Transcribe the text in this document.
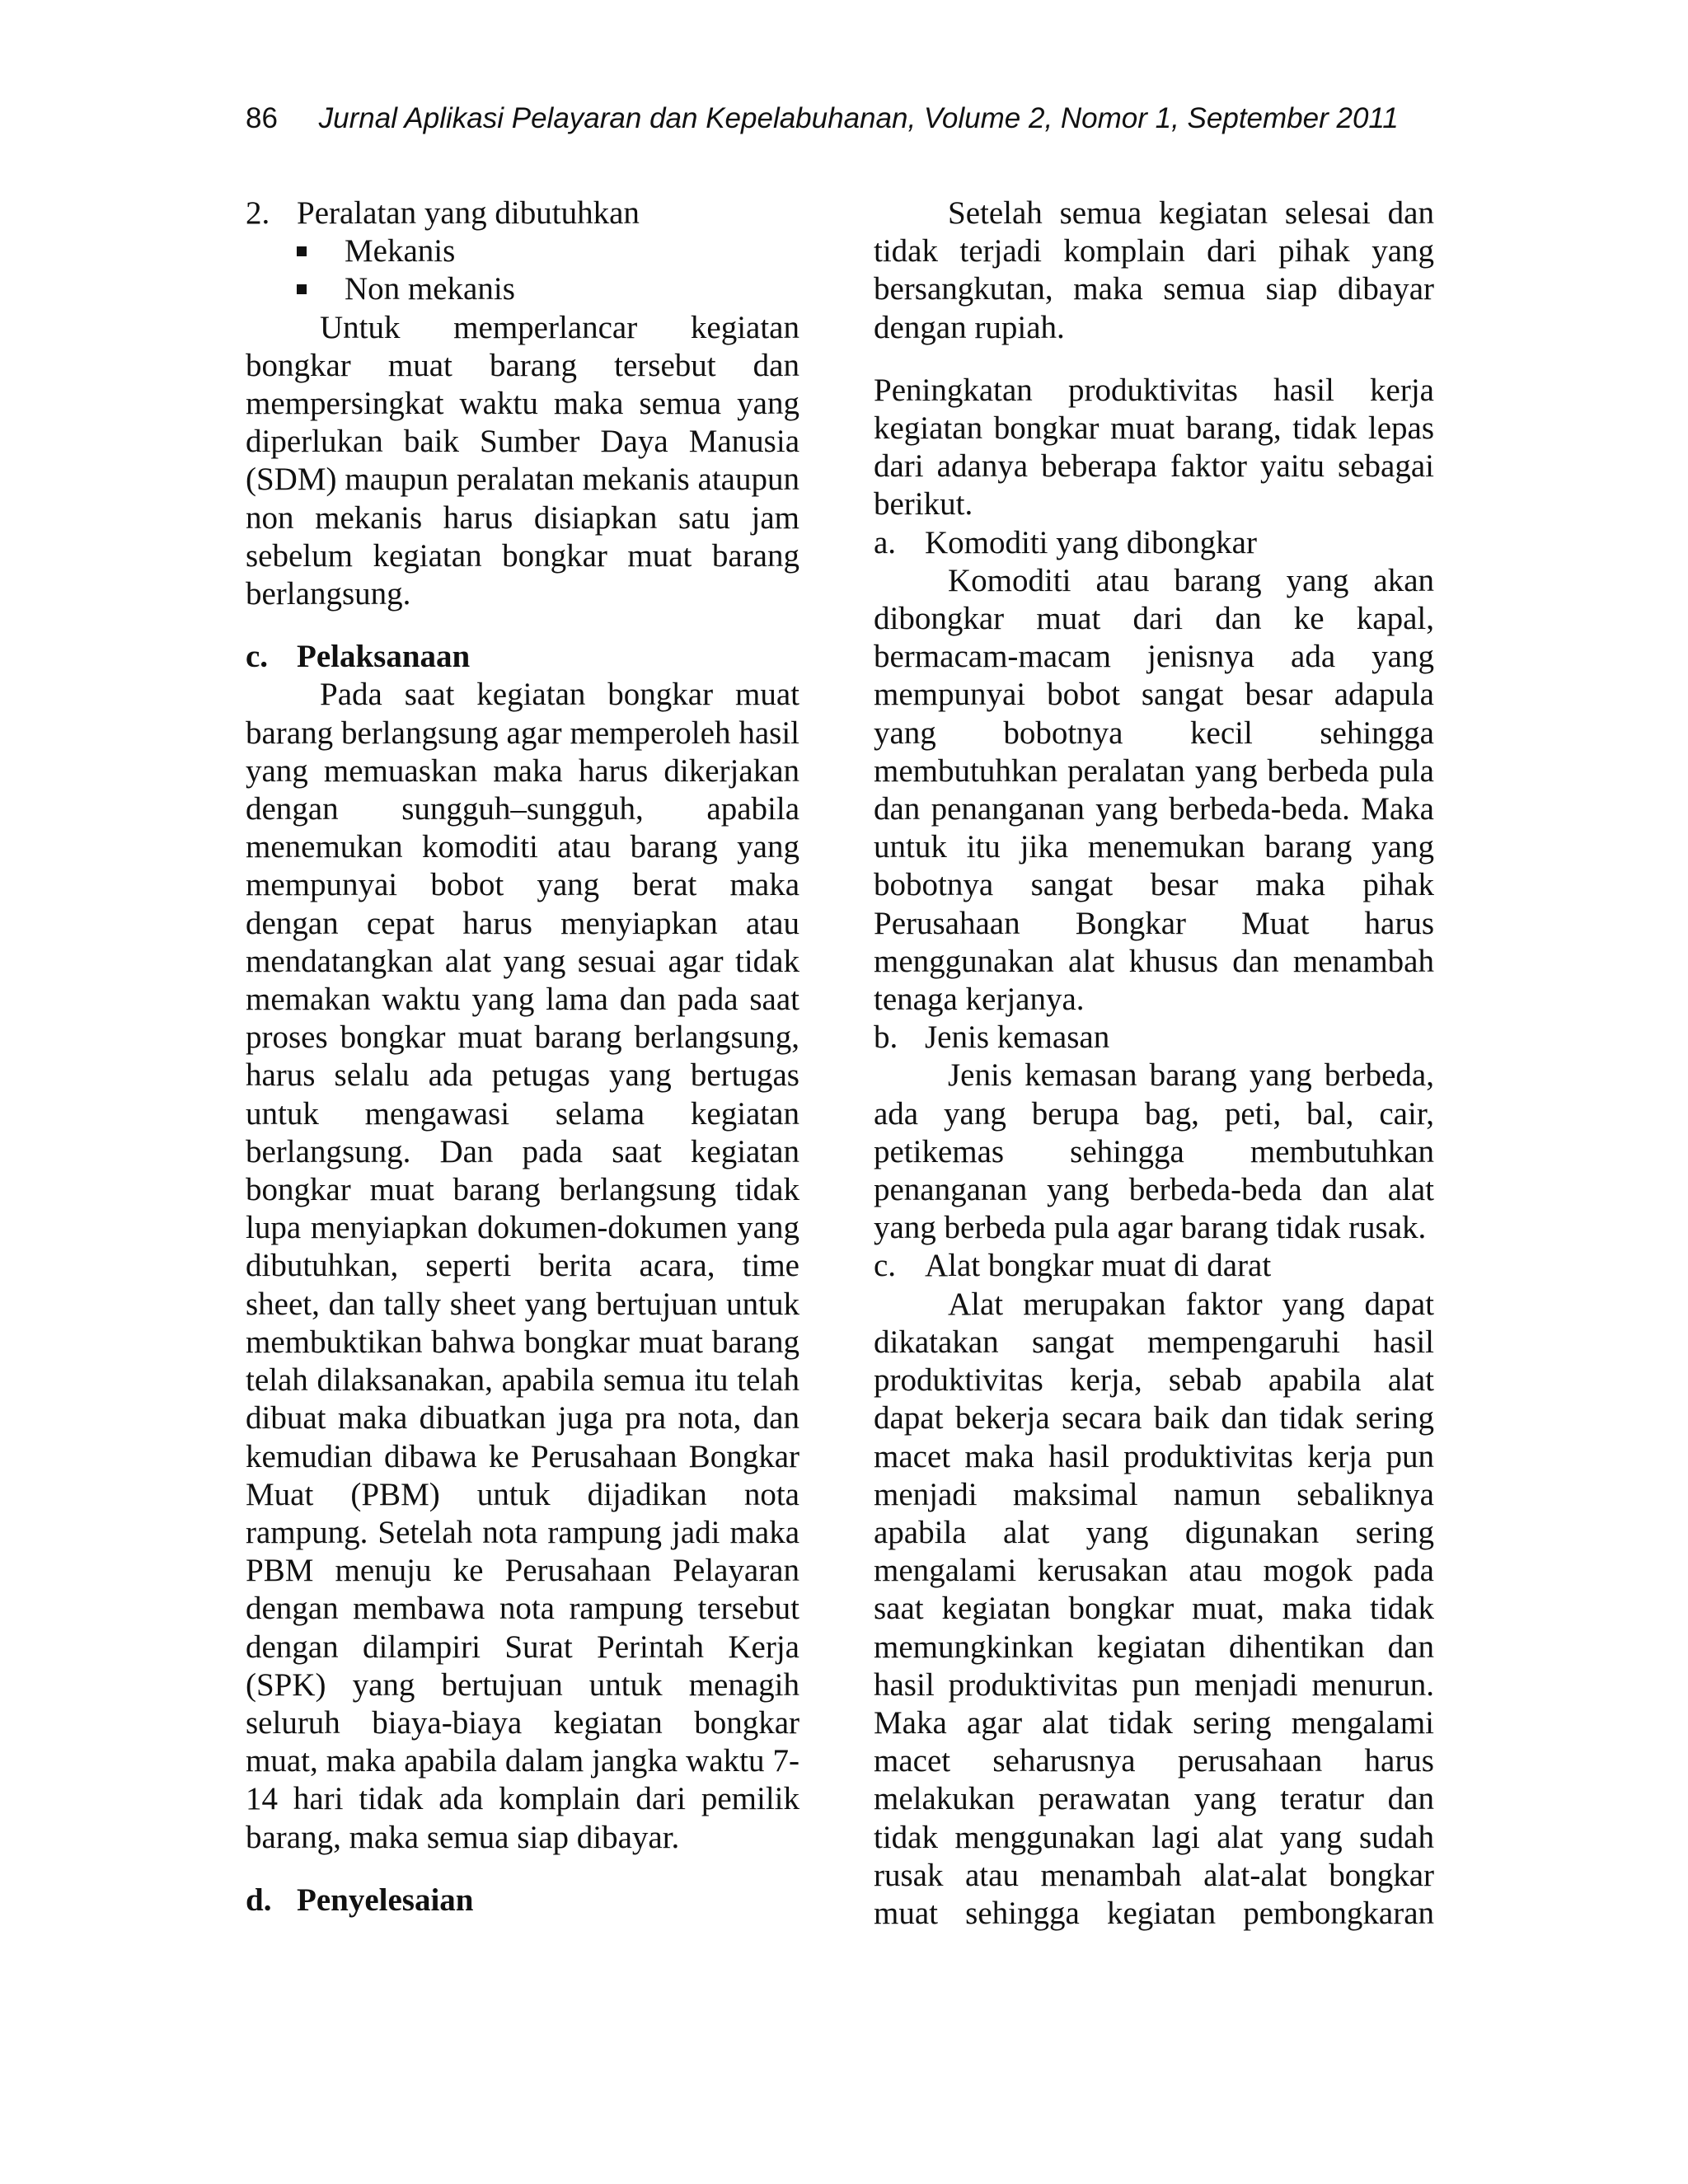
86 Jurnal Aplikasi Pelayaran dan Kepelabuhanan, Volume 2, Nomor 1, September 2011
2. Peralatan yang dibutuhkan
Mekanis
Non mekanis

Untuk memperlancar kegiatan bongkar muat barang tersebut dan mempersingkat waktu maka semua yang diperlukan baik Sumber Daya Manusia (SDM) maupun peralatan mekanis ataupun non mekanis harus disiapkan satu jam sebelum kegiatan bongkar muat barang berlangsung.

c. Pelaksanaan

Pada saat kegiatan bongkar muat barang berlangsung agar memperoleh hasil yang memuaskan maka harus dikerjakan dengan sungguh–sungguh, apabila menemukan komoditi atau barang yang mempunyai bobot yang berat maka dengan cepat harus menyiapkan atau mendatangkan alat yang sesuai agar tidak memakan waktu yang lama dan pada saat proses bongkar muat barang berlangsung, harus selalu ada petugas yang bertugas untuk mengawasi selama kegiatan berlangsung. Dan pada saat kegiatan bongkar muat barang berlangsung tidak lupa menyiapkan dokumen-dokumen yang dibutuhkan, seperti berita acara, time sheet, dan tally sheet yang bertujuan untuk membuktikan bahwa bongkar muat barang telah dilaksanakan, apabila semua itu telah dibuat maka dibuatkan juga pra nota, dan kemudian dibawa ke Perusahaan Bongkar Muat (PBM) untuk dijadikan nota rampung. Setelah nota rampung jadi maka PBM menuju ke Perusahaan Pelayaran dengan membawa nota rampung tersebut dengan dilampiri Surat Perintah Kerja (SPK) yang bertujuan untuk menagih seluruh biaya-biaya kegiatan bongkar muat, maka apabila dalam jangka waktu 7-14 hari tidak ada komplain dari pemilik barang, maka semua siap dibayar.

d. Penyelesaian

Setelah semua kegiatan selesai dan tidak terjadi komplain dari pihak yang bersangkutan, maka semua siap dibayar dengan rupiah.

Peningkatan produktivitas hasil kerja kegiatan bongkar muat barang, tidak lepas dari adanya beberapa faktor yaitu sebagai berikut.

a. Komoditi yang dibongkar

Komoditi atau barang yang akan dibongkar muat dari dan ke kapal, bermacam-macam jenisnya ada yang mempunyai bobot sangat besar adapula yang bobotnya kecil sehingga membutuhkan peralatan yang berbeda pula dan penanganan yang berbeda-beda. Maka untuk itu jika menemukan barang yang bobotnya sangat besar maka pihak Perusahaan Bongkar Muat harus menggunakan alat khusus dan menambah tenaga kerjanya.

b. Jenis kemasan

Jenis kemasan barang yang berbeda, ada yang berupa bag, peti, bal, cair, petikemas sehingga membutuhkan penanganan yang berbeda-beda dan alat yang berbeda pula agar barang tidak rusak.

c. Alat bongkar muat di darat

Alat merupakan faktor yang dapat dikatakan sangat mempengaruhi hasil produktivitas kerja, sebab apabila alat dapat bekerja secara baik dan tidak sering macet maka hasil produktivitas kerja pun menjadi maksimal namun sebaliknya apabila alat yang digunakan sering mengalami kerusakan atau mogok pada saat kegiatan bongkar muat, maka tidak memungkinkan kegiatan dihentikan dan hasil produktivitas pun menjadi menurun. Maka agar alat tidak sering mengalami macet seharusnya perusahaan harus melakukan perawatan yang teratur dan tidak menggunakan lagi alat yang sudah rusak atau menambah alat-alat bongkar muat sehingga kegiatan pembongkaran
